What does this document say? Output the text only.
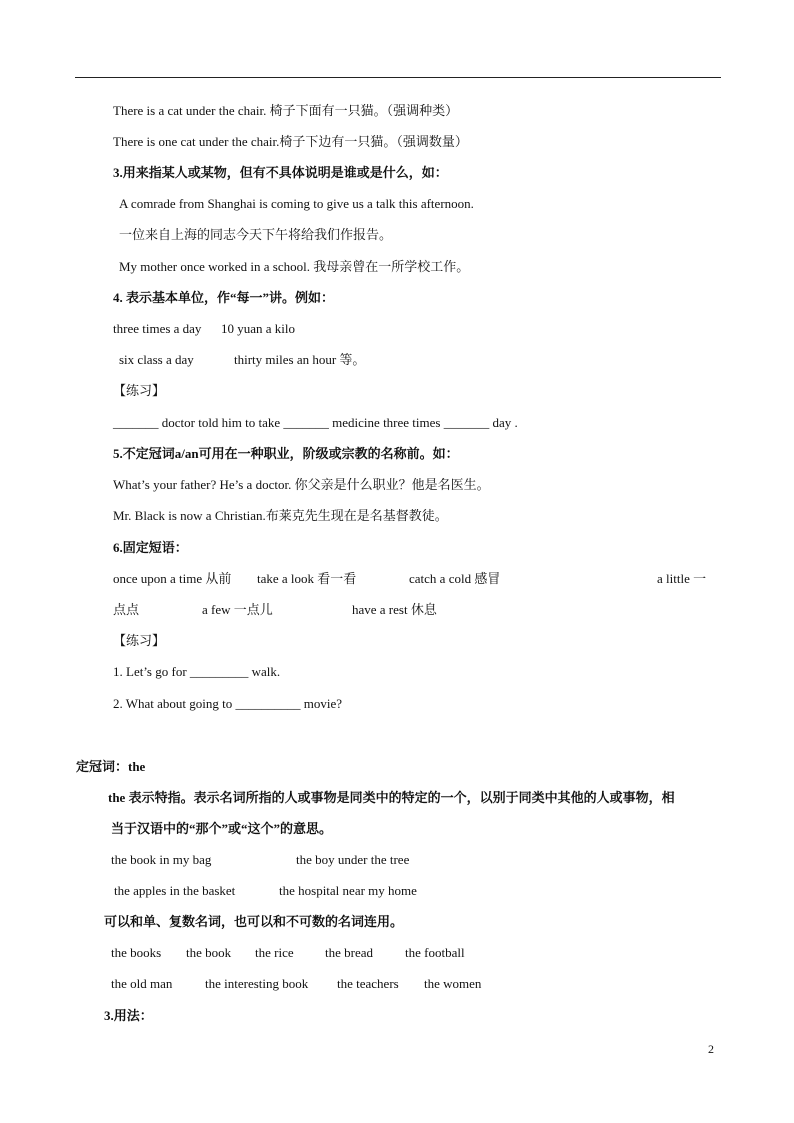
There is a cat under the chair. 椅子下面有一只猫。（强调种类）
There is one cat under the chair.椅子下边有一只猫。（强调数量）
3.用来指某人或某物，但有不具体说明是谁或是什么，如：
A comrade from Shanghai is coming to give us a talk this afternoon.
一位来自上海的同志今天下午将给我们作报告。
My mother once worked in a school. 我母亲曾在一所学校工作。
4. 表示基本单位，作“每一”讲。例如：
three times a day 10 yuan a kilo
six class a day	thirty miles an hour 等。
【练习】
_______ doctor told him to take _______ medicine three times _______ day .
5.不定冠词a/an可用在一种职业，阶级或宗教的名称前。如：
What’s your father? He’s a doctor. 你父亲是什么职业？他是名医生。
Mr. Black is now a Christian.布莱克先生现在是名基督教徒。
6.固定短语：
once upon a time 从前 take a look 看一看	catch a cold 感冒	a little 一
点点	a few 一点儿	have a rest 休息
【练习】
1. Let’s go for _________ walk.
2. What about going to __________ movie?
定冠词：the
the 表示特指。表示名词所指的人或事物是同类中的特定的一个，以别于同类中其他的人或事物，相
当于汉语中的“那个”或“这个”的意思。
the book in my bag	the boy under the tree
the apples in the basket	the hospital near my home
可以和单、复数名词，也可以和不可数的名词连用。
the books the book the rice the bread the football
the old man	the interesting book the teachers the women
3.用法：
2
